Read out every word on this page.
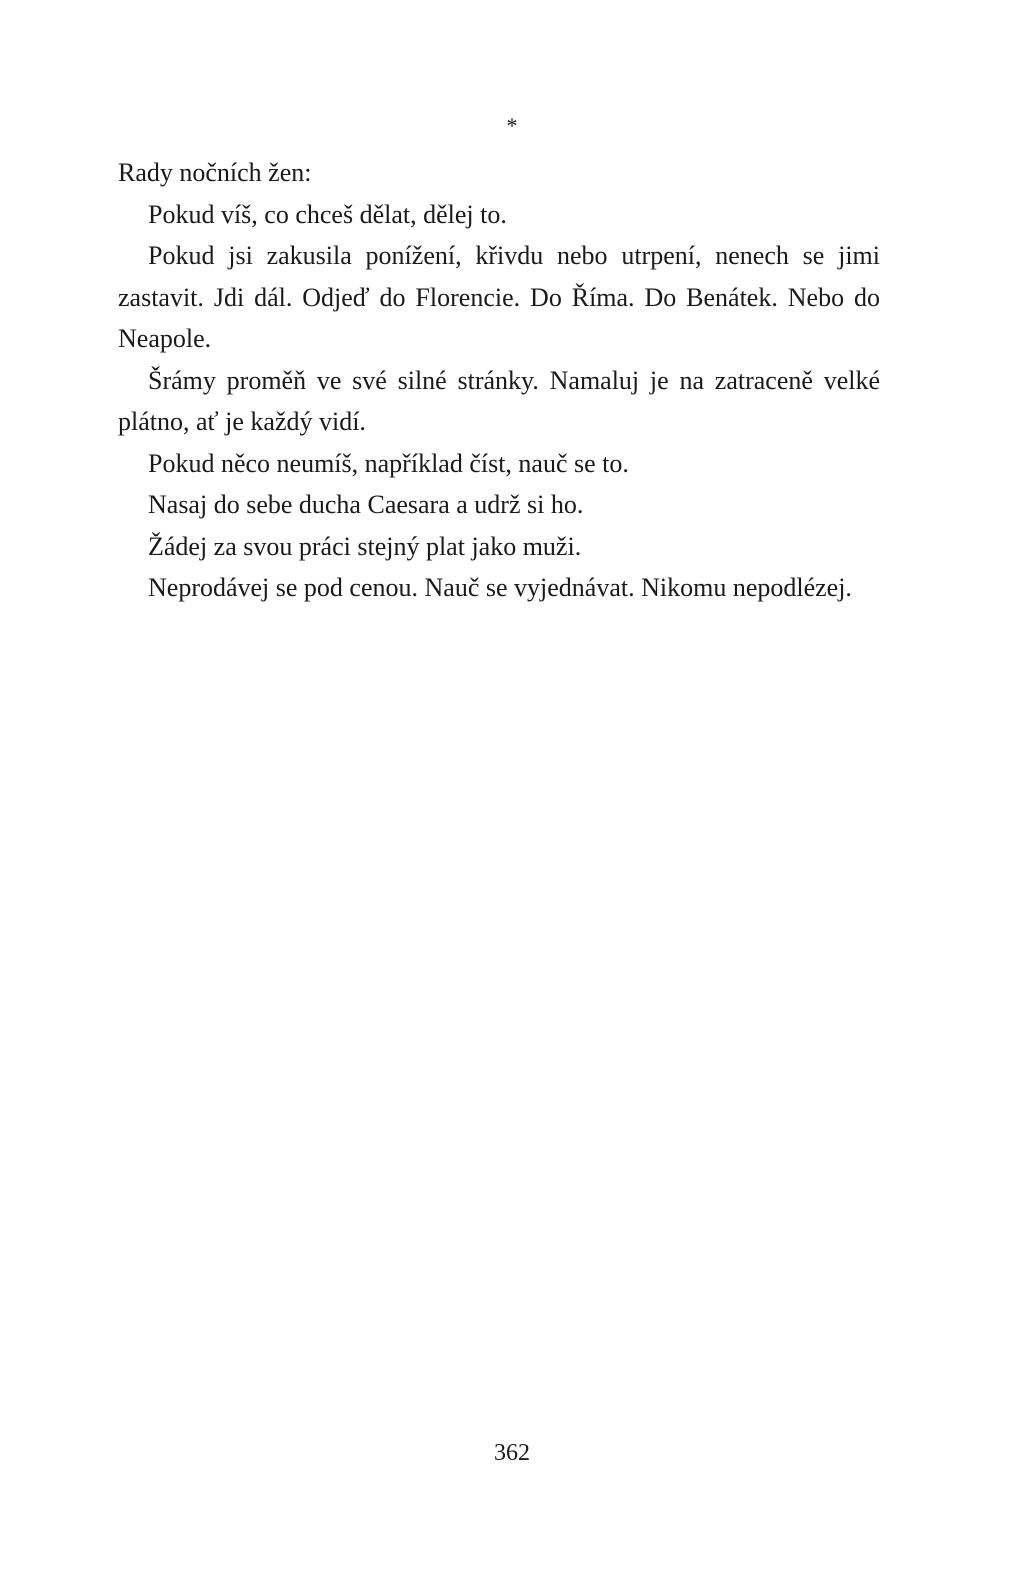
*

Rady nočních žen:

Pokud víš, co chceš dělat, dělej to.

Pokud jsi zakusila ponížení, křivdu nebo utrpení, nenech se jimi zastavit. Jdi dál. Odjeď do Florencie. Do Říma. Do Benátek. Nebo do Neapole.

Šrámy proměň ve své silné stránky. Namaluj je na zatraceně velké plátno, ať je každý vidí.

Pokud něco neumíš, například číst, nauč se to.

Nasaj do sebe ducha Caesara a udrž si ho.

Žádej za svou práci stejný plat jako muži.

Neprodávej se pod cenou. Nauč se vyjednávat. Nikomu nepodlézej.

362
